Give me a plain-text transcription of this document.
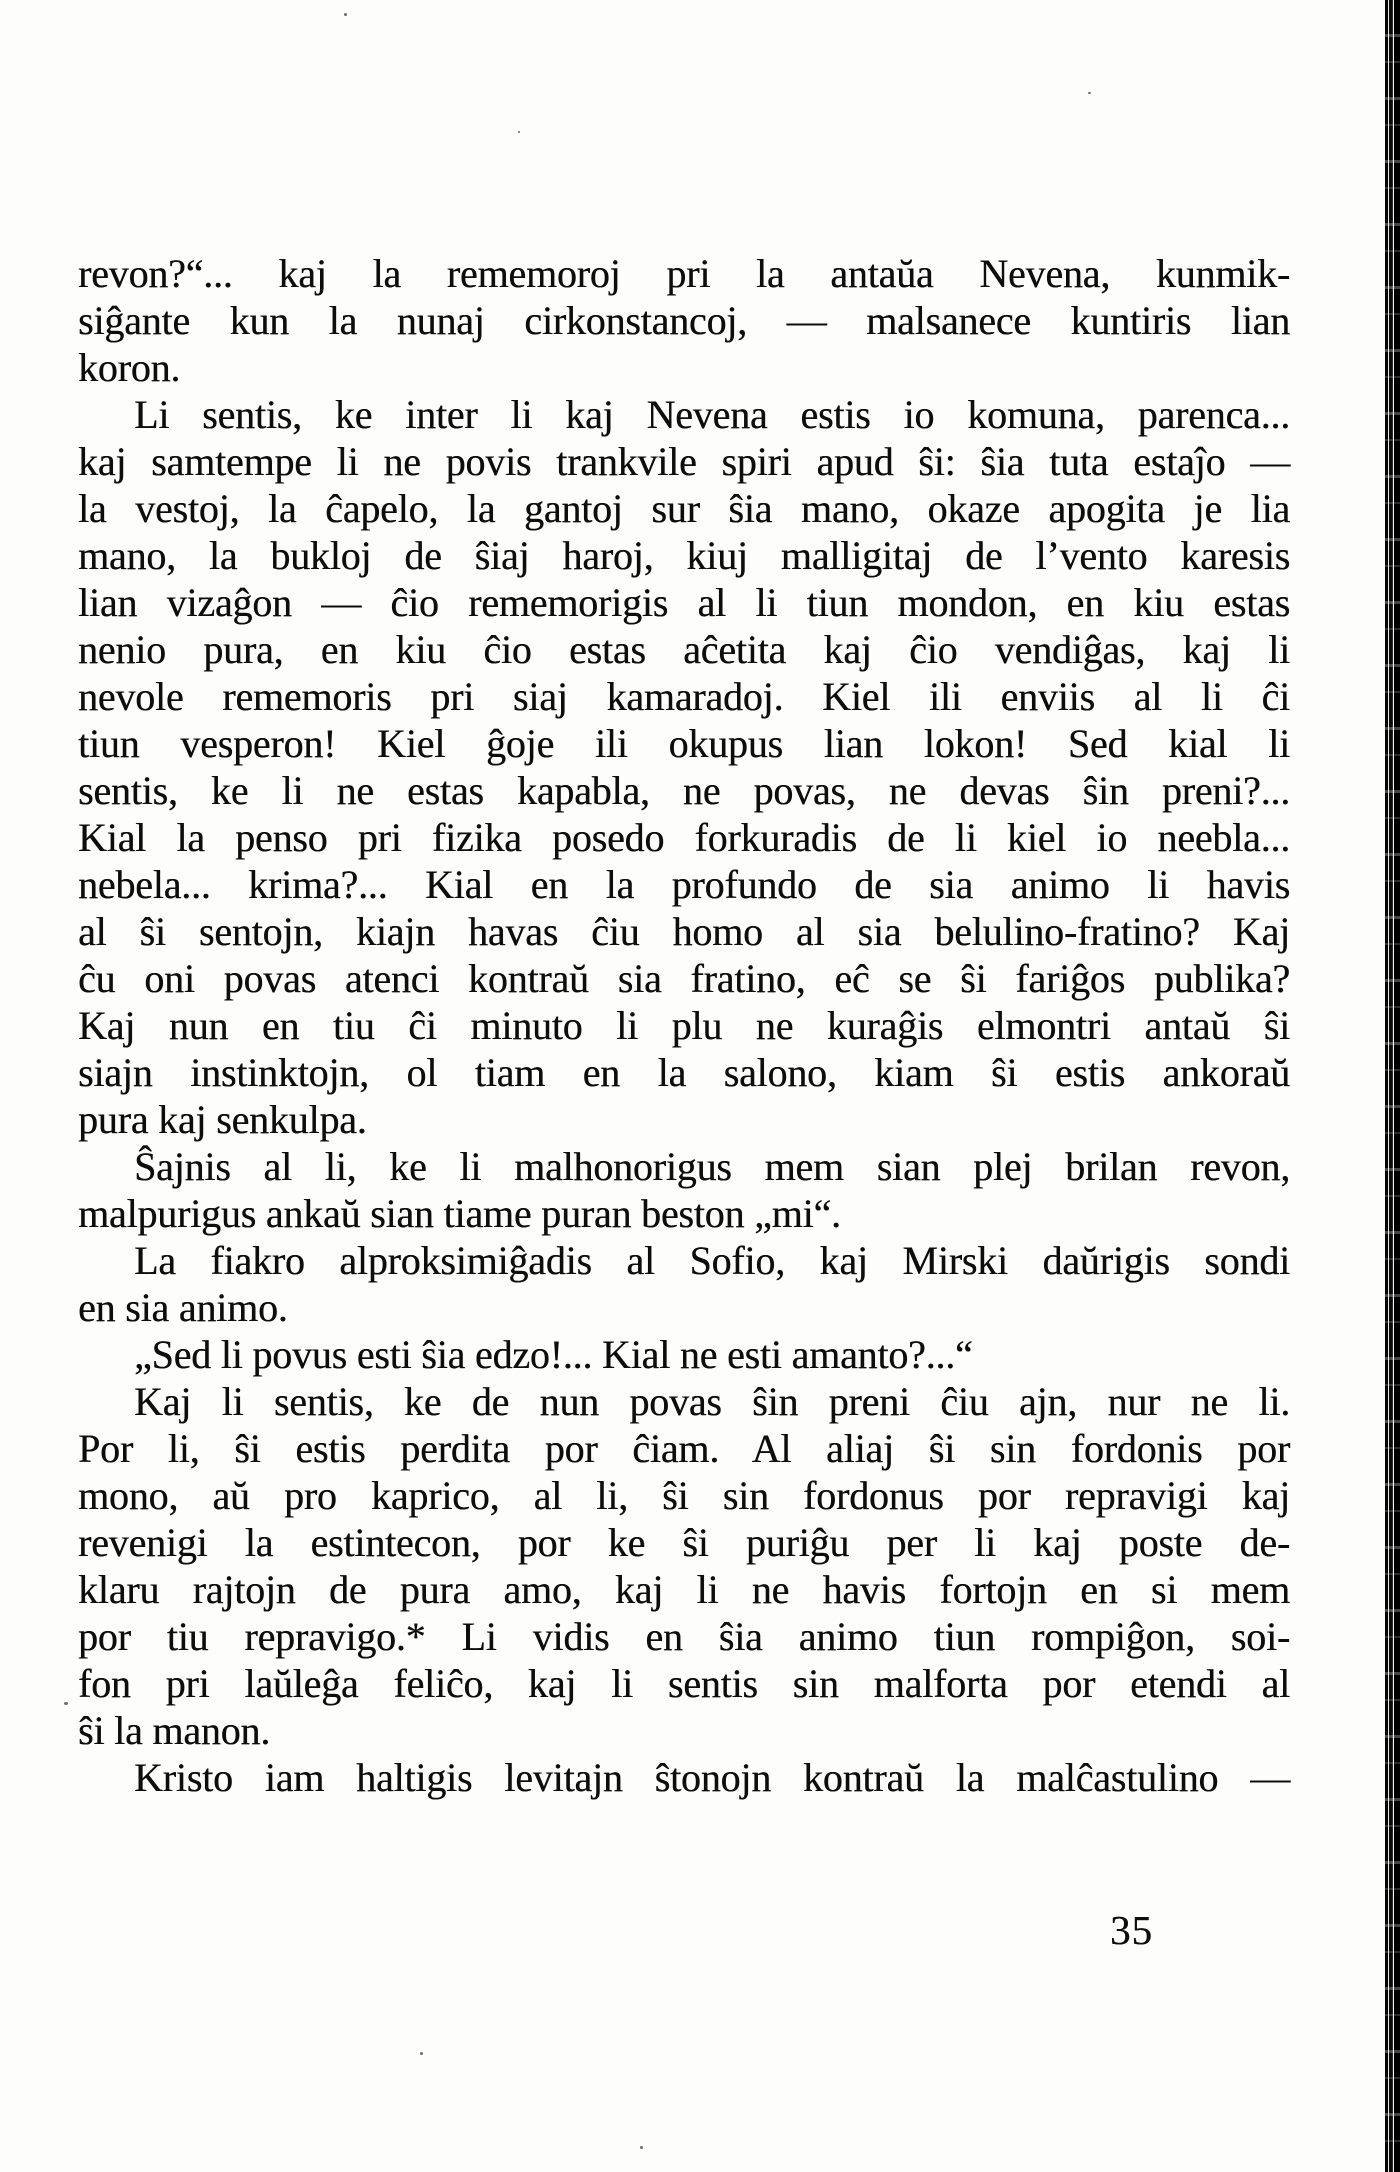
revon?“... kaj la rememoroj pri la antaŭa Nevena, kunmik-
siĝante kun la nunaj cirkonstancoj, — malsanece kuntiris lian
koron.
Li sentis, ke inter li kaj Nevena estis io komuna, parenca...
kaj samtempe li ne povis trankvile spiri apud ŝi: ŝia tuta estaĵo —
la vestoj, la ĉapelo, la gantoj sur ŝia mano, okaze apogita je lia
mano, la bukloj de ŝiaj haroj, kiuj malligitaj de l’vento karesis
lian vizaĝon — ĉio rememorigis al li tiun mondon, en kiu estas
nenio pura, en kiu ĉio estas aĉetita kaj ĉio vendiĝas, kaj li
nevole rememoris pri siaj kamaradoj. Kiel ili enviis al li ĉi
tiun vesperon! Kiel ĝoje ili okupus lian lokon! Sed kial li
sentis, ke li ne estas kapabla, ne povas, ne devas ŝin preni?...
Kial la penso pri fizika posedo forkuradis de li kiel io neebla...
nebela... krima?... Kial en la profundo de sia animo li havis
al ŝi sentojn, kiajn havas ĉiu homo al sia belulino-fratino? Kaj
ĉu oni povas atenci kontraŭ sia fratino, eĉ se ŝi fariĝos publika?
Kaj nun en tiu ĉi minuto li plu ne kuraĝis elmontri antaŭ ŝi
siajn instinktojn, ol tiam en la salono, kiam ŝi estis ankoraŭ
pura kaj senkulpa.
Ŝajnis al li, ke li malhonorigus mem sian plej brilan revon,
malpurigus ankaŭ sian tiame puran beston „mi“.
La fiakro alproksimiĝadis al Sofio, kaj Mirski daŭrigis sondi
en sia animo.
„Sed li povus esti ŝia edzo!... Kial ne esti amanto?...“
Kaj li sentis, ke de nun povas ŝin preni ĉiu ajn, nur ne li.
Por li, ŝi estis perdita por ĉiam. Al aliaj ŝi sin fordonis por
mono, aŭ pro kaprico, al li, ŝi sin fordonus por repravigi kaj
revenigi la estintecon, por ke ŝi puriĝu per li kaj poste de-
klaru rajtojn de pura amo, kaj li ne havis fortojn en si mem
por tiu repravigo.* Li vidis en ŝia animo tiun rompiĝon, soi-
fon pri laŭleĝa feliĉo, kaj li sentis sin malforta por etendi al
ŝi la manon.
Kristo iam haltigis levitajn ŝtonojn kontraŭ la malĉastulino —
35
